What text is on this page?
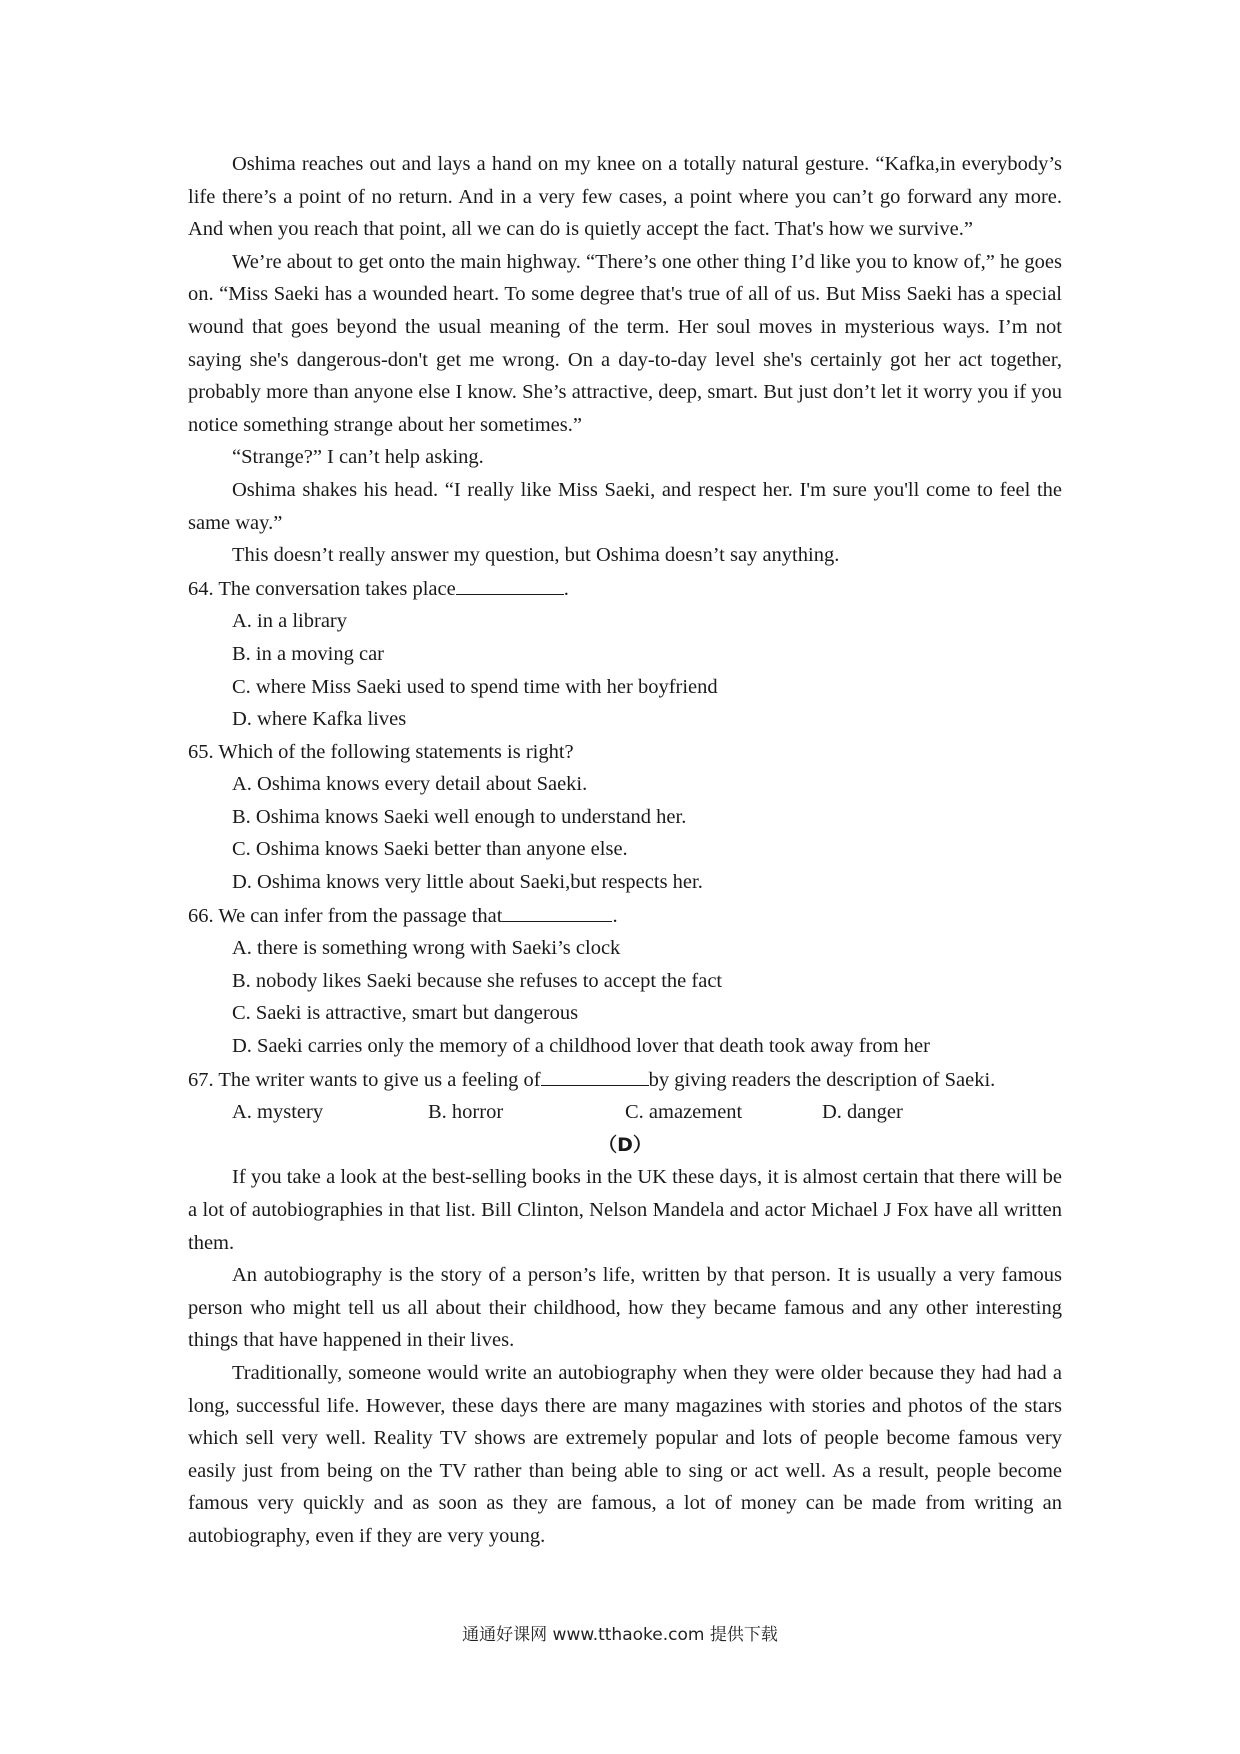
Oshima reaches out and lays a hand on my knee on a totally natural gesture. “Kafka,in everybody’s life there’s a point of no return. And in a very few cases, a point where you can’t go forward any more. And when you reach that point, all we can do is quietly accept the fact. That's how we survive.”

We’re about to get onto the main highway. “There’s one other thing I’d like you to know of,” he goes on. “Miss Saeki has a wounded heart. To some degree that's true of all of us. But Miss Saeki has a special wound that goes beyond the usual meaning of the term. Her soul moves in mysterious ways. I’m not saying she's dangerous-don't get me wrong. On a day-to-day level she's certainly got her act together, probably more than anyone else I know. She’s attractive, deep, smart. But just don’t let it worry you if you notice something strange about her sometimes.”

“Strange?” I can’t help asking.

Oshima shakes his head. “I really like Miss Saeki, and respect her. I'm sure you'll come to feel the same way.”

This doesn’t really answer my question, but Oshima doesn’t say anything.

64. The conversation takes place	.

A. in a library

B. in a moving car

C. where Miss Saeki used to spend time with her boyfriend

D. where Kafka lives

65. Which of the following statements is right?

A. Oshima knows every detail about Saeki.

B. Oshima knows Saeki well enough to understand her.

C. Oshima knows Saeki better than anyone else.

D. Oshima knows very little about Saeki,but respects her.

66. We can infer from the passage that	.

A. there is something wrong with Saeki’s clock

B. nobody likes Saeki because she refuses to accept the fact

C. Saeki is attractive, smart but dangerous

D. Saeki carries only the memory of a childhood lover that death took away from her

67. The writer wants to give us a feeling of	by giving readers the description of Saeki.

A. mystery	B. horror	C. amazement	D. danger

（D）

If you take a look at the best-selling books in the UK these days, it is almost certain that there will be a lot of autobiographies in that list. Bill Clinton, Nelson Mandela and actor Michael J Fox have all written them.

An autobiography is the story of a person’s life, written by that person. It is usually a very famous person who might tell us all about their childhood, how they became famous and any other interesting things that have happened in their lives.

Traditionally, someone would write an autobiography when they were older because they had had a long, successful life. However, these days there are many magazines with stories and photos of the stars which sell very well. Reality TV shows are extremely popular and lots of people become famous very easily just from being on the TV rather than being able to sing or act well. As a result, people become famous very quickly and as soon as they are famous, a lot of money can be made from writing an autobiography, even if they are very young.

通通好课网 www.tthaoke.com 提供下载
